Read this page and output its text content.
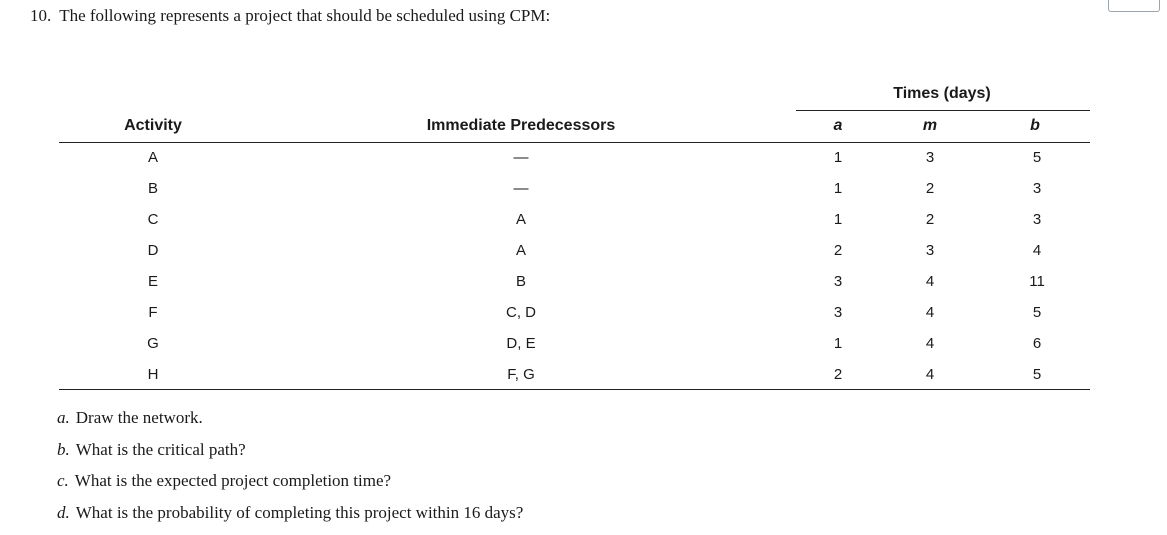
10. The following represents a project that should be scheduled using CPM:
Times (days)
Activity	Immediate Predecessors	a	m	b
A	—	1	3	5
B	—	1	2	3
C	A	1	2	3
D	A	2	3	4
E	B	3	4	11
F	C, D	3	4	5
G	D, E	1	4	6
H	F, G	2	4	5
a. Draw the network.
b. What is the critical path?
c. What is the expected project completion time?
d. What is the probability of completing this project within 16 days?
